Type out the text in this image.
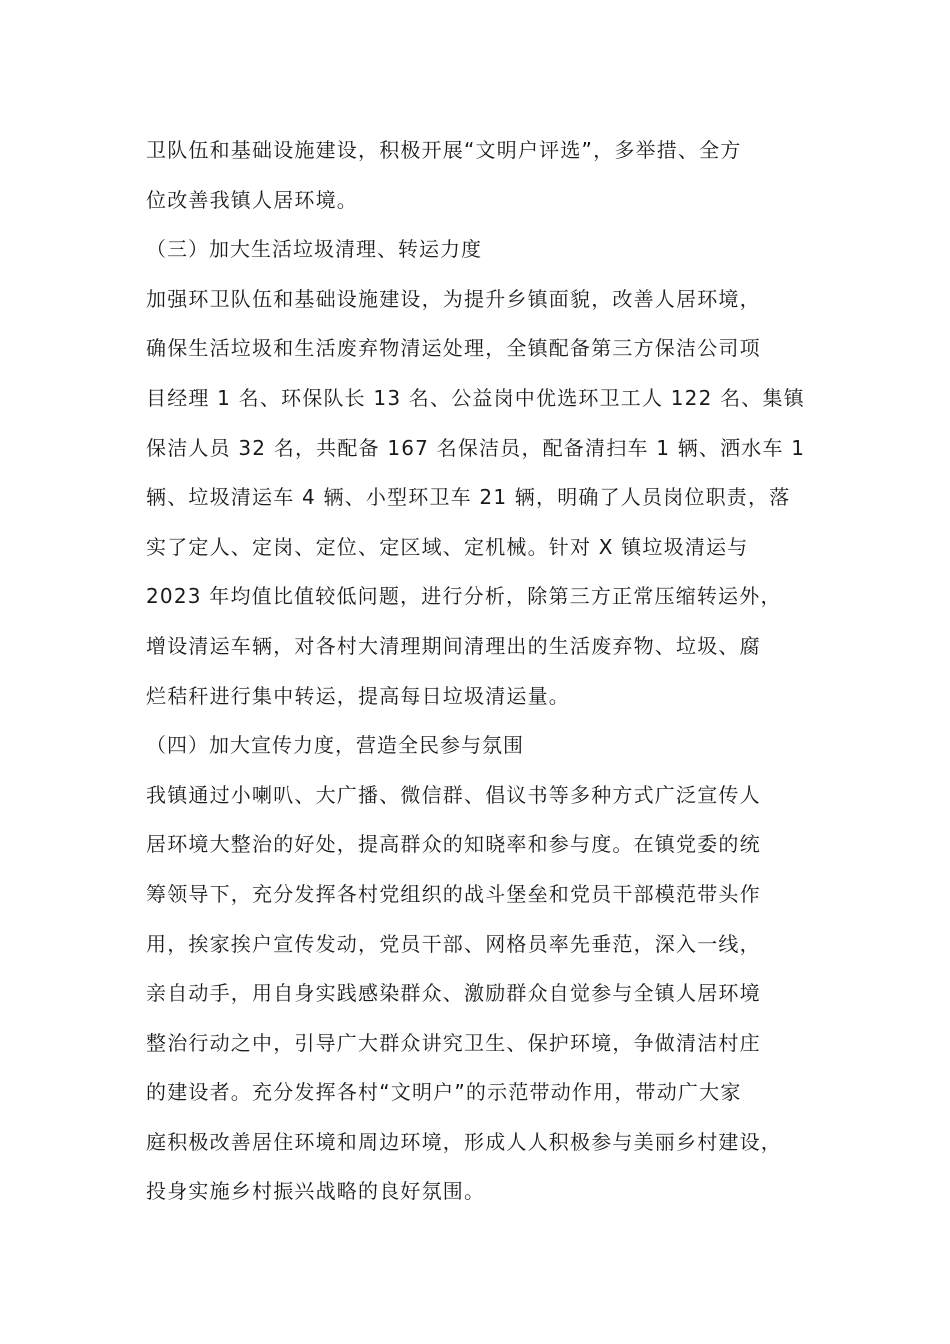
卫队伍和基础设施建设，积极开展“文明户评选”，多举措、全方
位改善我镇人居环境。
（三）加大生活垃圾清理、转运力度
加强环卫队伍和基础设施建设，为提升乡镇面貌，改善人居环境，
确保生活垃圾和生活废弃物清运处理，全镇配备第三方保洁公司项
目经理 1 名、环保队长 13 名、公益岗中优选环卫工人 122 名、集镇
保洁人员 32 名，共配备 167 名保洁员，配备清扫车 1 辆、洒水车 1
辆、垃圾清运车 4 辆、小型环卫车 21 辆，明确了人员岗位职责，落
实了定人、定岗、定位、定区域、定机械。针对 X 镇垃圾清运与
2023 年均值比值较低问题，进行分析，除第三方正常压缩转运外，
增设清运车辆，对各村大清理期间清理出的生活废弃物、垃圾、腐
烂秸秆进行集中转运，提高每日垃圾清运量。
（四）加大宣传力度，营造全民参与氛围
我镇通过小喇叭、大广播、微信群、倡议书等多种方式广泛宣传人
居环境大整治的好处，提高群众的知晓率和参与度。在镇党委的统
筹领导下，充分发挥各村党组织的战斗堡垒和党员干部模范带头作
用，挨家挨户宣传发动，党员干部、网格员率先垂范，深入一线，
亲自动手，用自身实践感染群众、激励群众自觉参与全镇人居环境
整治行动之中，引导广大群众讲究卫生、保护环境，争做清洁村庄
的建设者。充分发挥各村“文明户”的示范带动作用，带动广大家
庭积极改善居住环境和周边环境，形成人人积极参与美丽乡村建设，
投身实施乡村振兴战略的良好氛围。
